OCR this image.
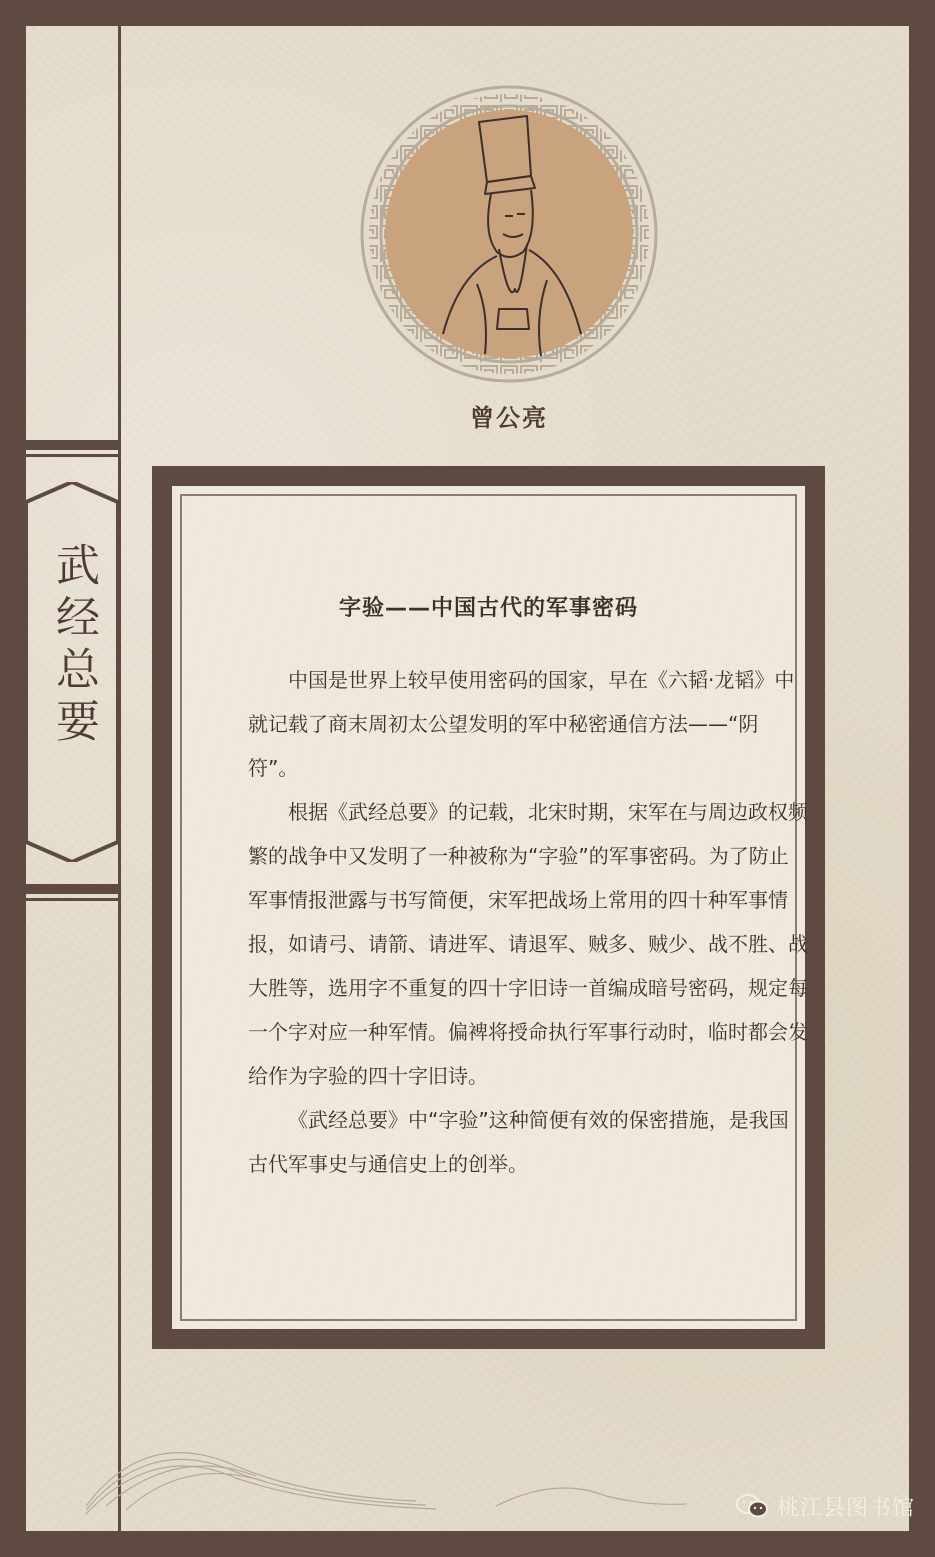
武经总要
曾公亮
字验——中国古代的军事密码

中国是世界上较早使用密码的国家，早在《六韬·龙韬》中就记载了商末周初太公望发明的军中秘密通信方法——“阴符”。

根据《武经总要》的记载，北宋时期，宋军在与周边政权频繁的战争中又发明了一种被称为“字验”的军事密码。为了防止军事情报泄露与书写简便，宋军把战场上常用的四十种军事情报，如请弓、请箭、请进军、请退军、贼多、贼少、战不胜、战大胜等，选用字不重复的四十字旧诗一首编成暗号密码，规定每一个字对应一种军情。偏裨将授命执行军事行动时，临时都会发给作为字验的四十字旧诗。

《武经总要》中“字验”这种简便有效的保密措施，是我国古代军事史与通信史上的创举。

桃江县图书馆
